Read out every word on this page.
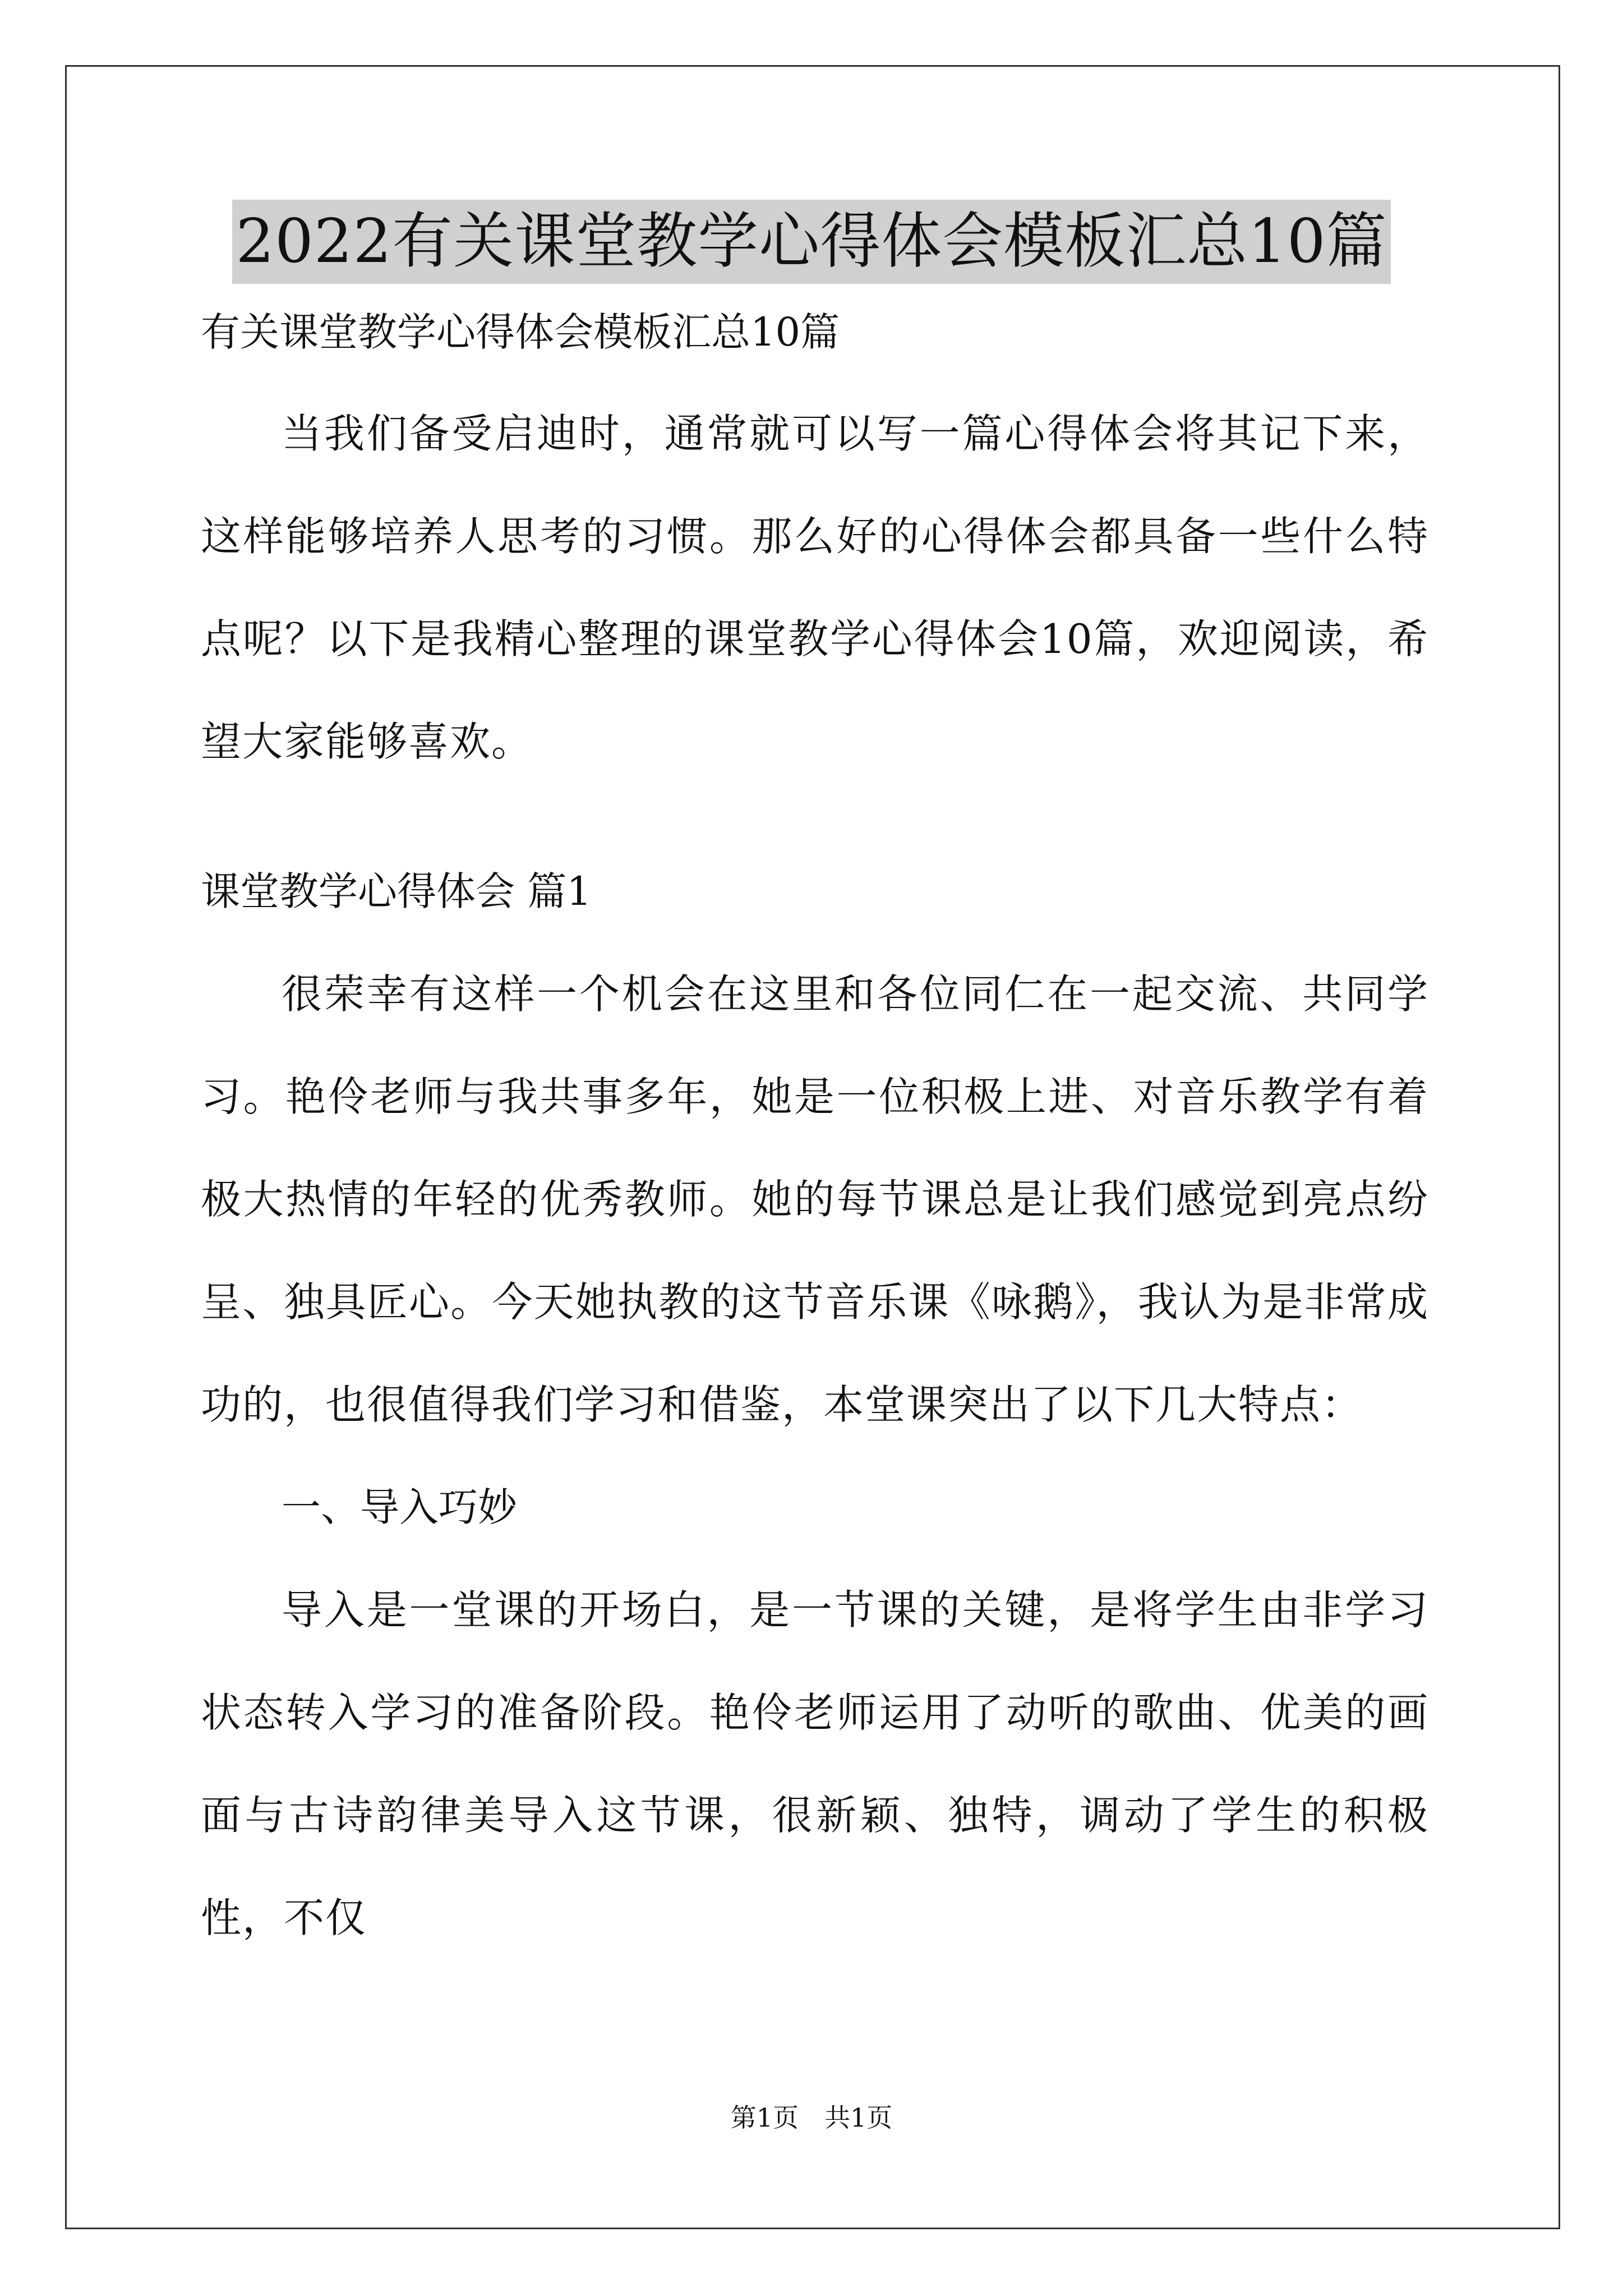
2022有关课堂教学心得体会模板汇总10篇

有关课堂教学心得体会模板汇总10篇

当我们备受启迪时，通常就可以写一篇心得体会将其记下来，这样能够培养人思考的习惯。那么好的心得体会都具备一些什么特点呢？以下是我精心整理的课堂教学心得体会10篇，欢迎阅读，希望大家能够喜欢。

课堂教学心得体会 篇1

很荣幸有这样一个机会在这里和各位同仁在一起交流、共同学习。艳伶老师与我共事多年，她是一位积极上进、对音乐教学有着极大热情的年轻的优秀教师。她的每节课总是让我们感觉到亮点纷呈、独具匠心。今天她执教的这节音乐课《咏鹅》，我认为是非常成功的，也很值得我们学习和借鉴，本堂课突出了以下几大特点：

一、导入巧妙

导入是一堂课的开场白，是一节课的关键，是将学生由非学习状态转入学习的准备阶段。艳伶老师运用了动听的歌曲、优美的画面与古诗韵律美导入这节课，很新颖、独特，调动了学生的积极性，不仅

第1页　共1页
